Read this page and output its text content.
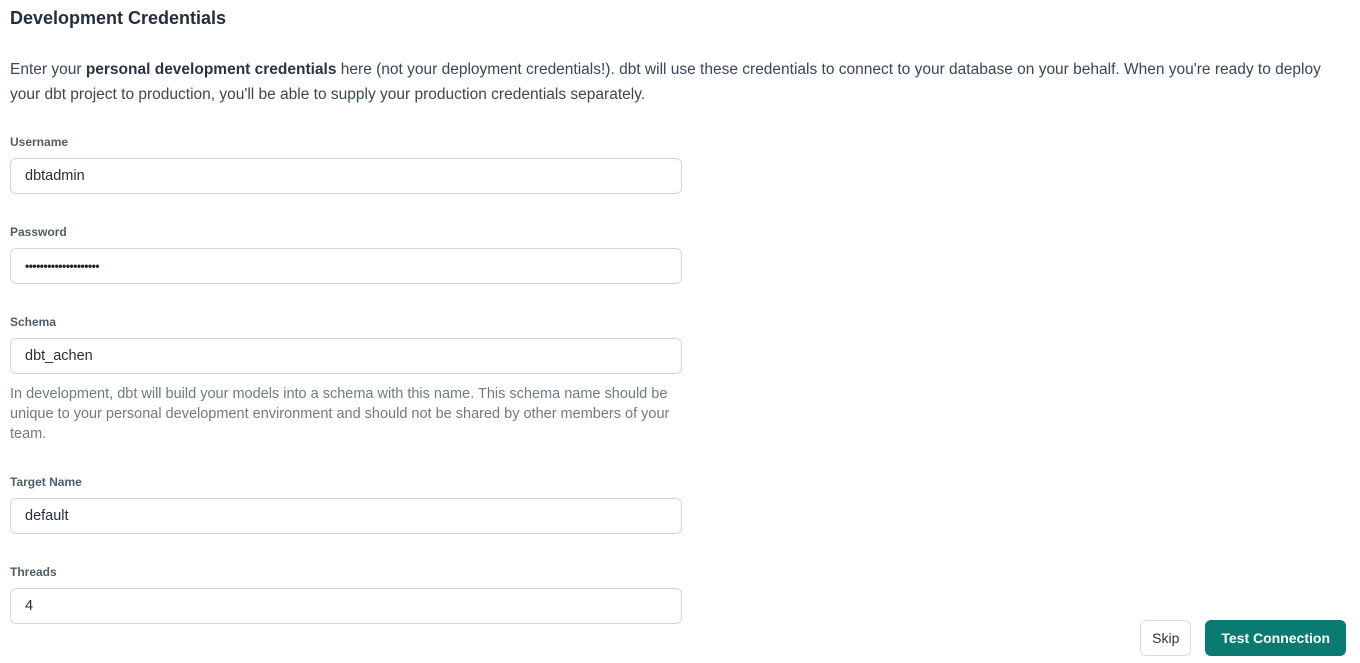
Development Credentials

Enter your personal development credentials here (not your deployment credentials!). dbt will use these credentials to connect to your database on your behalf. When you're ready to deploy your dbt project to production, you'll be able to supply your production credentials separately.

Username
dbtadmin
Password
••••••••••••••••••••
Schema
dbt_achen
In development, dbt will build your models into a schema with this name. This schema name should be unique to your personal development environment and should not be shared by other members of your team.
Target Name
default
Threads
4
Skip	Test Connection
